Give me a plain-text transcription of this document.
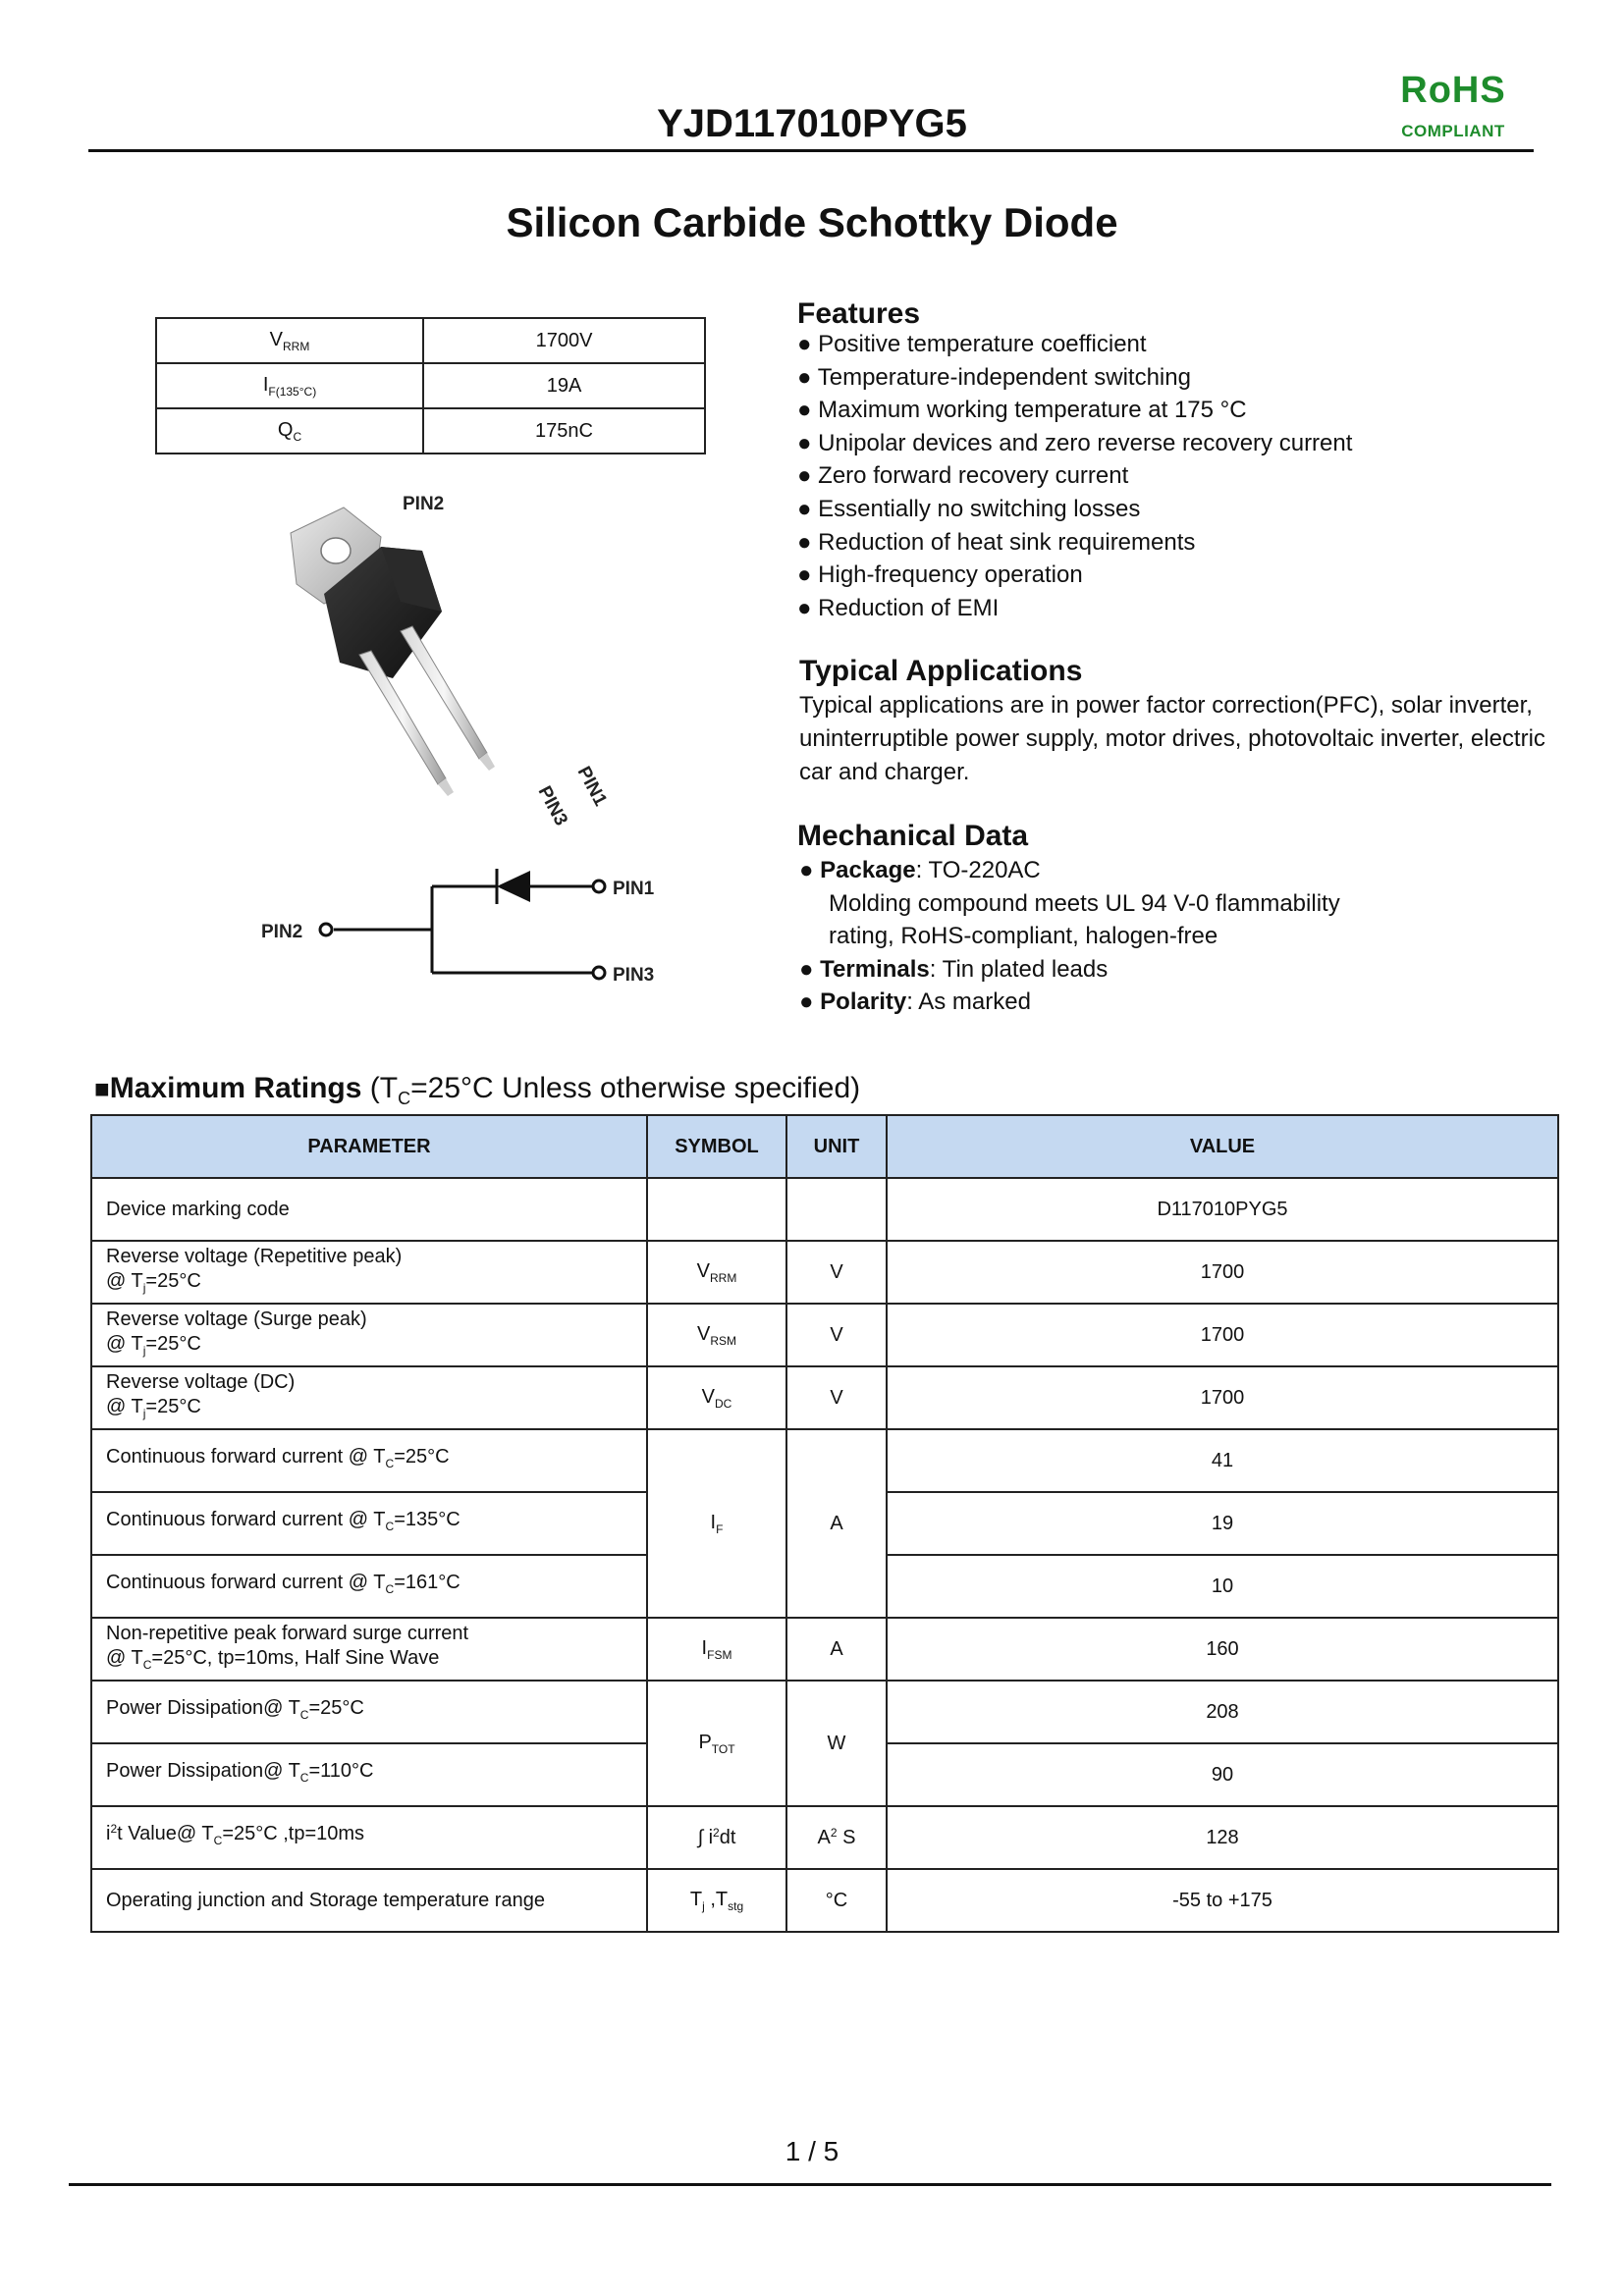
YJD117010PYG5
RoHS
COMPLIANT
Silicon Carbide Schottky Diode
$V_{RRM}$	1700V
$I_{F(135^\circ C)}$	19A
$Q_C$	175nC
PIN2
PIN1
PIN3
PIN2
PIN1
PIN3
Features
● Positive temperature coefficient
● Temperature-independent switching
● Maximum working temperature at 175 °C
● Unipolar devices and zero reverse recovery current
● Zero forward recovery current
● Essentially no switching losses
● Reduction of heat sink requirements
● High-frequency operation
● Reduction of EMI
Typical Applications
Typical applications are in power factor correction(PFC), solar inverter, uninterruptible power supply, motor drives, photovoltaic inverter, electric car and charger.
Mechanical Data
● Package: TO-220AC
Molding compound meets UL 94 V-0 flammability
rating, RoHS-compliant, halogen-free
● Terminals: Tin plated leads
● Polarity: As marked
■Maximum Ratings ($T_C=25^\circ C$ Unless otherwise specified)
PARAMETER	SYMBOL	UNIT	VALUE
Device marking code			D117010PYG5
Reverse voltage (Repetitive peak)
@ $T_j=25^\circ C$	$V_{RRM}$	V	1700
Reverse voltage (Surge peak)
@ $T_j=25^\circ C$	$V_{RSM}$	V	1700
Reverse voltage (DC)
@ $T_j=25^\circ C$	$V_{DC}$	V	1700
Continuous forward current @ $T_C=25^\circ C$	$I_F$	A	41
Continuous forward current @ $T_C=135^\circ C$			19
Continuous forward current @ $T_C=161^\circ C$			10
Non-repetitive peak forward surge current
@ $T_C=25^\circ C$, tp=10ms, Half Sine Wave	$I_{FSM}$	A	160
Power Dissipation@ $T_C=25^\circ C$	$P_{TOT}$	W	208
Power Dissipation@ $T_C=110^\circ C$			90
$i^2t$ Value@ $T_C=25^\circ C$ ,tp=10ms	∫ $i^2dt$	$A^2$ S	128
Operating junction and Storage temperature range	$T_j$ $,T_{stg}$	°C	-55 to +175
1 / 5
